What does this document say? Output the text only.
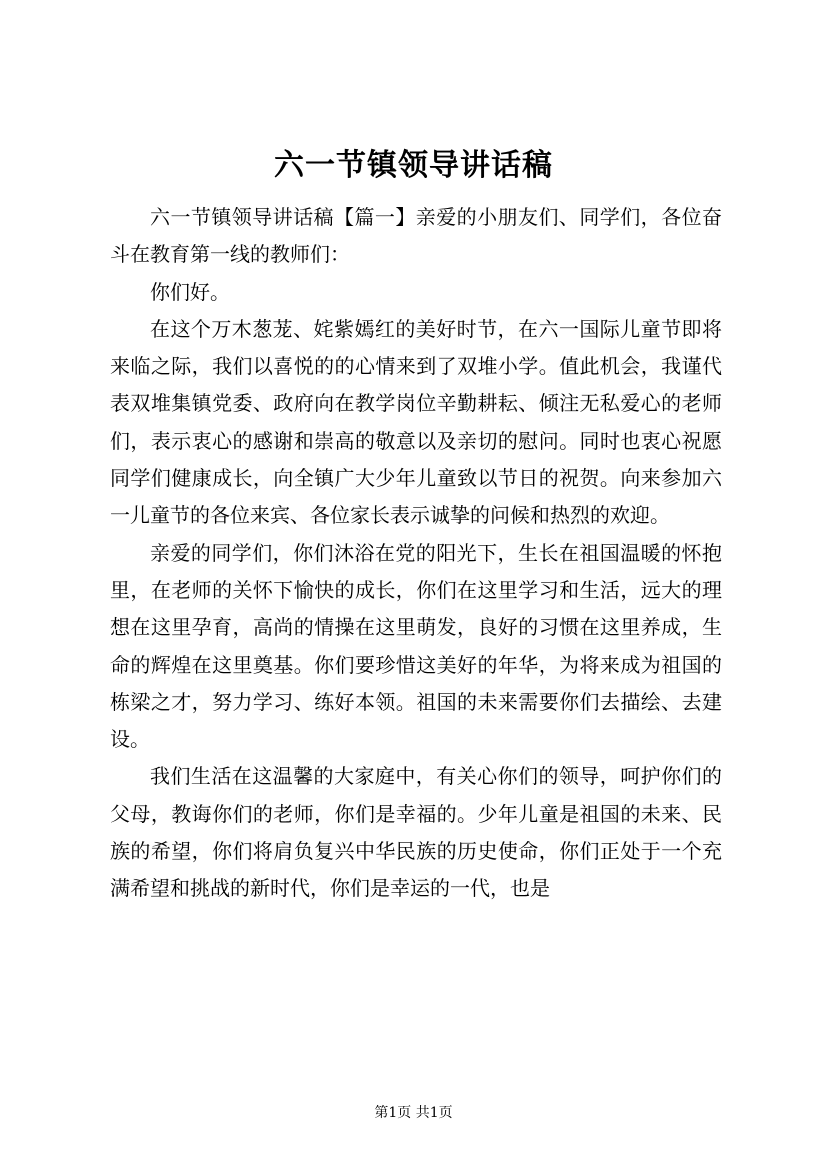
六一节镇领导讲话稿

六一节镇领导讲话稿【篇一】亲爱的小朋友们、同学们，各位奋斗在教育第一线的教师们：

你们好。

在这个万木葱茏、姹紫嫣红的美好时节，在六一国际儿童节即将来临之际，我们以喜悦的的心情来到了双堆小学。值此机会，我谨代表双堆集镇党委、政府向在教学岗位辛勤耕耘、倾注无私爱心的老师们，表示衷心的感谢和崇高的敬意以及亲切的慰问。同时也衷心祝愿同学们健康成长，向全镇广大少年儿童致以节日的祝贺。向来参加六一儿童节的各位来宾、各位家长表示诚挚的问候和热烈的欢迎。

亲爱的同学们，你们沐浴在党的阳光下，生长在祖国温暖的怀抱里，在老师的关怀下愉快的成长，你们在这里学习和生活，远大的理想在这里孕育，高尚的情操在这里萌发，良好的习惯在这里养成，生命的辉煌在这里奠基。你们要珍惜这美好的年华，为将来成为祖国的栋梁之才，努力学习、练好本领。祖国的未来需要你们去描绘、去建设。

我们生活在这温馨的大家庭中，有关心你们的领导，呵护你们的父母，教诲你们的老师，你们是幸福的。少年儿童是祖国的未来、民族的希望，你们将肩负复兴中华民族的历史使命，你们正处于一个充满希望和挑战的新时代，你们是幸运的一代，也是

第1页 共1页
